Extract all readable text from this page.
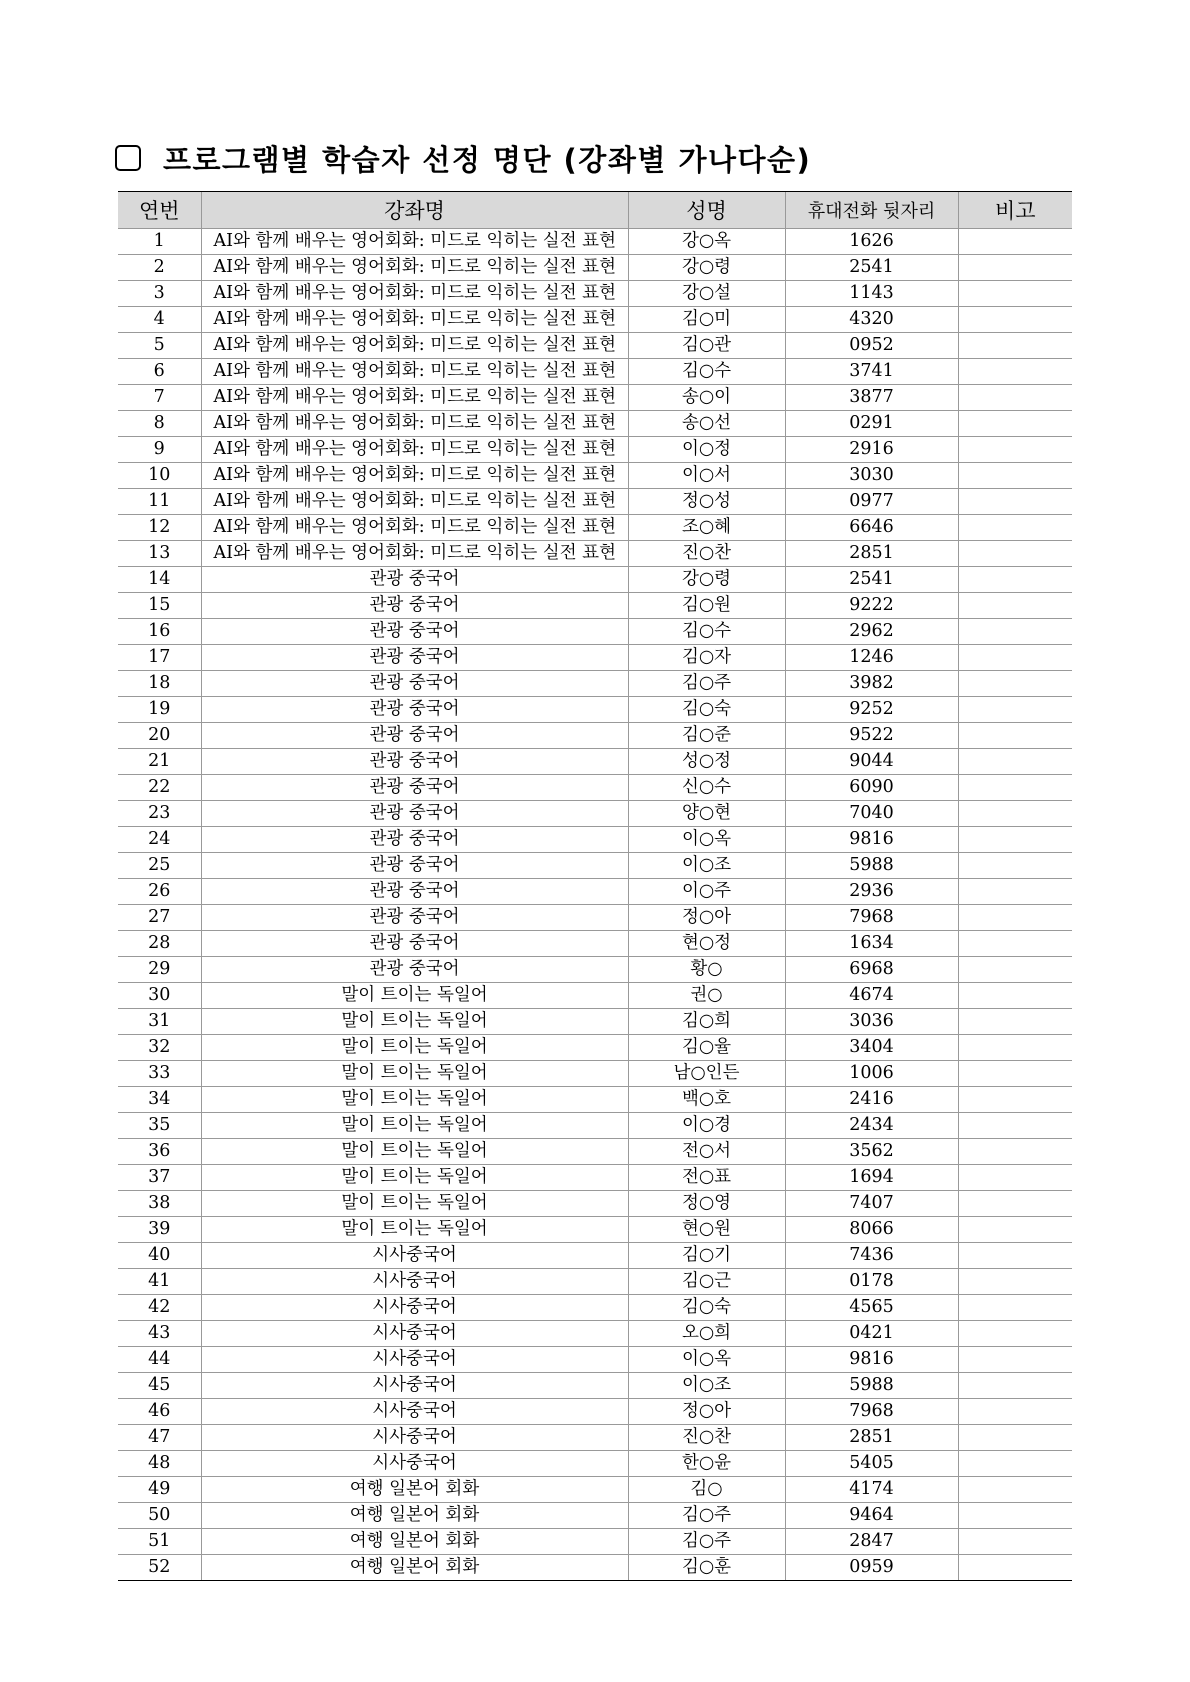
프로그램별 학습자 선정 명단 (강좌별 가나다순)
연번	강좌명	성명	휴대전화 뒷자리	비고
1	AI와 함께 배우는 영어회화: 미드로 익히는 실전 표현	강○옥	1626	
2	AI와 함께 배우는 영어회화: 미드로 익히는 실전 표현	강○령	2541	
3	AI와 함께 배우는 영어회화: 미드로 익히는 실전 표현	강○설	1143	
4	AI와 함께 배우는 영어회화: 미드로 익히는 실전 표현	김○미	4320	
5	AI와 함께 배우는 영어회화: 미드로 익히는 실전 표현	김○관	0952	
6	AI와 함께 배우는 영어회화: 미드로 익히는 실전 표현	김○수	3741	
7	AI와 함께 배우는 영어회화: 미드로 익히는 실전 표현	송○이	3877	
8	AI와 함께 배우는 영어회화: 미드로 익히는 실전 표현	송○선	0291	
9	AI와 함께 배우는 영어회화: 미드로 익히는 실전 표현	이○정	2916	
10	AI와 함께 배우는 영어회화: 미드로 익히는 실전 표현	이○서	3030	
11	AI와 함께 배우는 영어회화: 미드로 익히는 실전 표현	정○성	0977	
12	AI와 함께 배우는 영어회화: 미드로 익히는 실전 표현	조○혜	6646	
13	AI와 함께 배우는 영어회화: 미드로 익히는 실전 표현	진○찬	2851	
14	관광 중국어	강○령	2541	
15	관광 중국어	김○원	9222	
16	관광 중국어	김○수	2962	
17	관광 중국어	김○자	1246	
18	관광 중국어	김○주	3982	
19	관광 중국어	김○숙	9252	
20	관광 중국어	김○준	9522	
21	관광 중국어	성○정	9044	
22	관광 중국어	신○수	6090	
23	관광 중국어	양○현	7040	
24	관광 중국어	이○옥	9816	
25	관광 중국어	이○조	5988	
26	관광 중국어	이○주	2936	
27	관광 중국어	정○아	7968	
28	관광 중국어	현○정	1634	
29	관광 중국어	황○	6968	
30	말이 트이는 독일어	권○	4674	
31	말이 트이는 독일어	김○희	3036	
32	말이 트이는 독일어	김○율	3404	
33	말이 트이는 독일어	남○인든	1006	
34	말이 트이는 독일어	백○호	2416	
35	말이 트이는 독일어	이○경	2434	
36	말이 트이는 독일어	전○서	3562	
37	말이 트이는 독일어	전○표	1694	
38	말이 트이는 독일어	정○영	7407	
39	말이 트이는 독일어	현○원	8066	
40	시사중국어	김○기	7436	
41	시사중국어	김○근	0178	
42	시사중국어	김○숙	4565	
43	시사중국어	오○희	0421	
44	시사중국어	이○옥	9816	
45	시사중국어	이○조	5988	
46	시사중국어	정○아	7968	
47	시사중국어	진○찬	2851	
48	시사중국어	한○윤	5405	
49	여행 일본어 회화	김○	4174	
50	여행 일본어 회화	김○주	9464	
51	여행 일본어 회화	김○주	2847	
52	여행 일본어 회화	김○훈	0959	
